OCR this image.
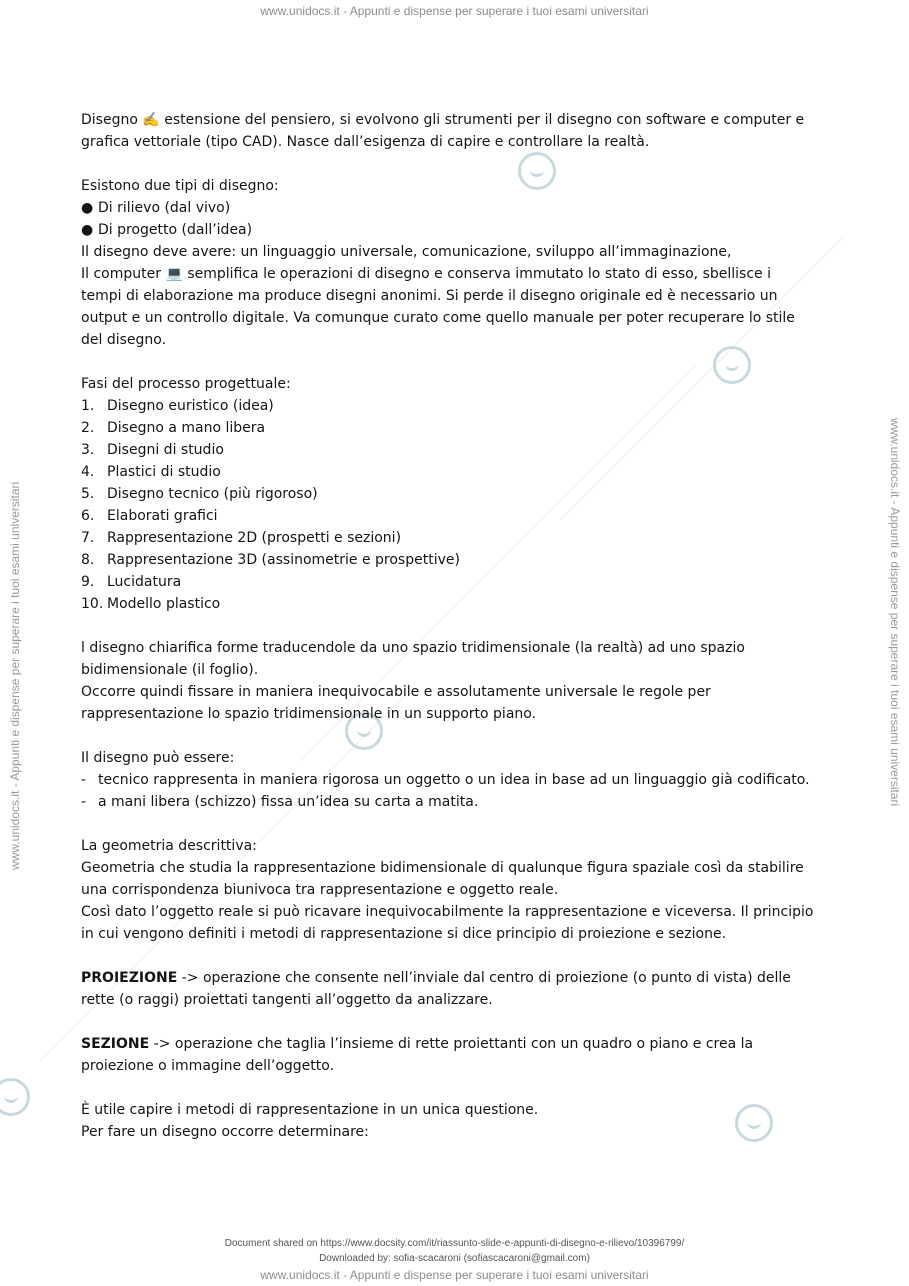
www.unidocs.it - Appunti e dispense per superare i tuoi esami universitari
www.unidocs.it - Appunti e dispense per superare i tuoi esami universitari
www.unidocs.it - Appunti e dispense per superare i tuoi esami universitari	www.unidocs.it - Appunti e dispense per superare i tuoi esami universitari

Disegno ✍️ estensione del pensiero, si evolvono gli strumenti per il disegno con software e computer e

grafica vettoriale (tipo CAD). Nasce dall’esigenza di capire e controllare la realtà.

Esistono due tipi di disegno:

● Di rilievo (dal vivo)
● Di progetto (dall’idea)

Il disegno deve avere: un linguaggio universale, comunicazione, sviluppo all’immaginazione,

Il computer 💻 semplifica le operazioni di disegno e conserva immutato lo stato di esso, sbellisce i

tempi di elaborazione ma produce disegni anonimi. Si perde il disegno originale ed è necessario un

output e un controllo digitale. Va comunque curato come quello manuale per poter recuperare lo stile

del disegno.

Fasi del processo progettuale:

1. Disegno euristico (idea)
2. Disegno a mano libera
3. Disegni di studio
4. Plastici di studio
5. Disegno tecnico (più rigoroso)
6. Elaborati grafici
7. Rappresentazione 2D (prospetti e sezioni)
8. Rappresentazione 3D (assinometrie e prospettive)
9. Lucidatura
10. Modello plastico

l disegno chiarifica forme traducendole da uno spazio tridimensionale (la realtà) ad uno spazio

bidimensionale (il foglio).

Occorre quindi fissare in maniera inequivocabile e assolutamente universale le regole per

rappresentazione lo spazio tridimensionale in un supporto piano.

Il disegno può essere:

- tecnico rappresenta in maniera rigorosa un oggetto o un idea in base ad un linguaggio già codificato.
- a mani libera (schizzo) fissa un’idea su carta a matita.

La geometria descrittiva:

Geometria che studia la rappresentazione bidimensionale di qualunque figura spaziale così da stabilire

una corrispondenza biunivoca tra rappresentazione e oggetto reale.

Così dato l’oggetto reale si può ricavare inequivocabilmente la rappresentazione e viceversa. Il principio

in cui vengono definiti i metodi di rappresentazione si dice principio di proiezione e sezione.

PROIEZIONE -> operazione che consente nell’inviale dal centro di proiezione (o punto di vista) delle

rette (o raggi) proiettati tangenti all’oggetto da analizzare.

SEZIONE -> operazione che taglia l’insieme di rette proiettanti con un quadro o piano e crea la

proiezione o immagine dell’oggetto.

È utile capire i metodi di rappresentazione in un unica questione.

Per fare un disegno occorre determinare:

Document shared on https://www.docsity.com/it/riassunto-slide-e-appunti-di-disegno-e-rilievo/10396799/
Downloaded by: sofia-scacaroni (sofiascacaroni@gmail.com)
